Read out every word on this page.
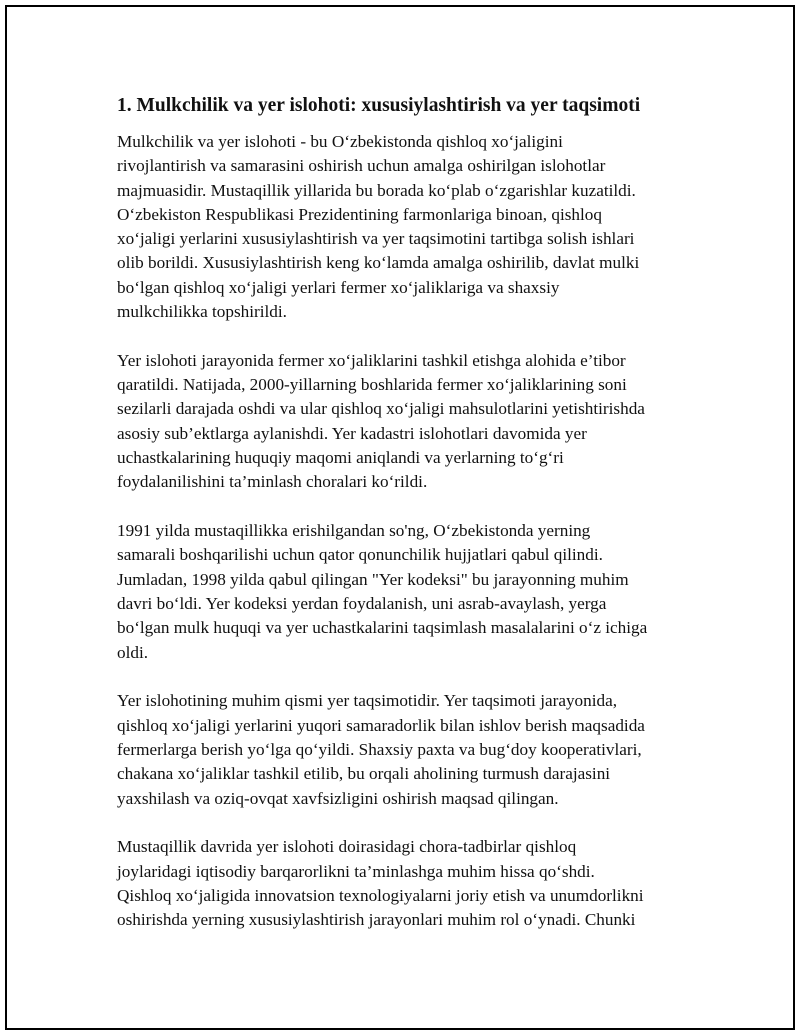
1. Mulkchilik va yer islohoti: xususiylashtirish va yer taqsimoti

Mulkchilik va yer islohoti - bu O‘zbekistonda qishloq xo‘jaligini
rivojlantirish va samarasini oshirish uchun amalga oshirilgan islohotlar
majmuasidir. Mustaqillik yillarida bu borada ko‘plab o‘zgarishlar kuzatildi.
O‘zbekiston Respublikasi Prezidentining farmonlariga binoan, qishloq
xo‘jaligi yerlarini xususiylashtirish va yer taqsimotini tartibga solish ishlari
olib borildi. Xususiylashtirish keng ko‘lamda amalga oshirilib, davlat mulki
bo‘lgan qishloq xo‘jaligi yerlari fermer xo‘jaliklariga va shaxsiy
mulkchilikka topshirildi.

Yer islohoti jarayonida fermer xo‘jaliklarini tashkil etishga alohida e’tibor
qaratildi. Natijada, 2000-yillarning boshlarida fermer xo‘jaliklarining soni
sezilarli darajada oshdi va ular qishloq xo‘jaligi mahsulotlarini yetishtirishda
asosiy sub’ektlarga aylanishdi. Yer kadastri islohotlari davomida yer
uchastkalarining huquqiy maqomi aniqlandi va yerlarning to‘g‘ri
foydalanilishini ta’minlash choralari ko‘rildi.

1991 yilda mustaqillikka erishilgandan so'ng, O‘zbekistonda yerning
samarali boshqarilishi uchun qator qonunchilik hujjatlari qabul qilindi.
Jumladan, 1998 yilda qabul qilingan "Yer kodeksi" bu jarayonning muhim
davri bo‘ldi. Yer kodeksi yerdan foydalanish, uni asrab-avaylash, yerga
bo‘lgan mulk huquqi va yer uchastkalarini taqsimlash masalalarini o‘z ichiga
oldi.

Yer islohotining muhim qismi yer taqsimotidir. Yer taqsimoti jarayonida,
qishloq xo‘jaligi yerlarini yuqori samaradorlik bilan ishlov berish maqsadida
fermerlarga berish yo‘lga qo‘yildi. Shaxsiy paxta va bug‘doy kooperativlari,
chakana xo‘jaliklar tashkil etilib, bu orqali aholining turmush darajasini
yaxshilash va oziq-ovqat xavfsizligini oshirish maqsad qilingan.

Mustaqillik davrida yer islohoti doirasidagi chora-tadbirlar qishloq
joylaridagi iqtisodiy barqarorlikni ta’minlashga muhim hissa qo‘shdi.
Qishloq xo‘jaligida innovatsion texnologiyalarni joriy etish va unumdorlikni
oshirishda yerning xususiylashtirish jarayonlari muhim rol o‘ynadi. Chunki
